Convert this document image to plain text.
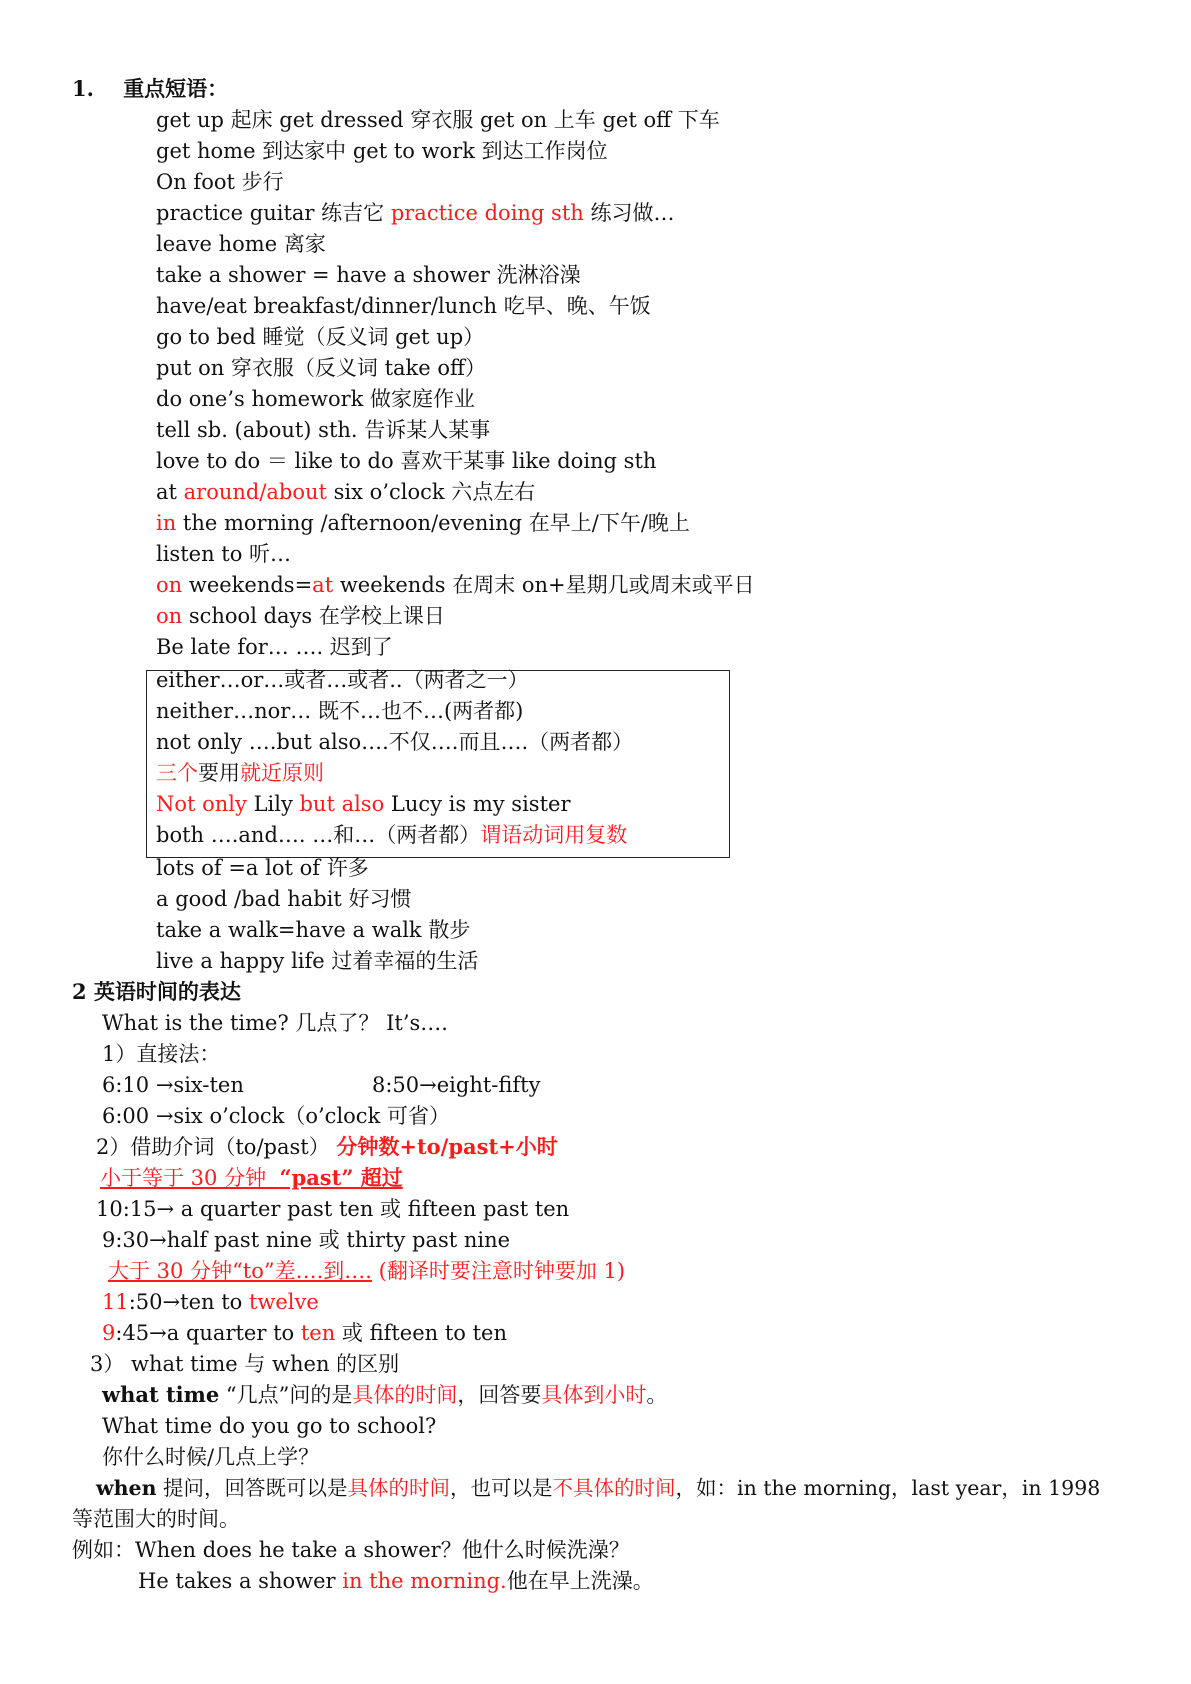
1. 重点短语：
get up 起床 get dressed 穿衣服 get on 上车 get off 下车
get home 到达家中 get to work 到达工作岗位
On foot 步行
practice guitar 练吉它 practice doing sth 练习做…
leave home 离家
take a shower = have a shower 洗淋浴澡
have/eat breakfast/dinner/lunch 吃早、晚、午饭
go to bed 睡觉（反义词 get up）
put on 穿衣服（反义词 take off）
do one’s homework 做家庭作业
tell sb. (about) sth. 告诉某人某事
love to do ＝ like to do 喜欢干某事 like doing sth
at around/about six o’clock 六点左右
in the morning /afternoon/evening 在早上/下午/晚上
listen to 听…
on weekends=at weekends 在周末 on+星期几或周末或平日
on school days 在学校上课日
Be late for… …. 迟到了
either…or…或者…或者..（两者之一）
neither…nor… 既不…也不…(两者都)
not only ….but also….不仅….而且….（两者都）
三个要用就近原则
Not only Lily but also Lucy is my sister
both ….and…. …和…（两者都）谓语动词用复数
lots of =a lot of 许多
a good /bad habit 好习惯
take a walk=have a walk 散步
live a happy life 过着幸福的生活
2 英语时间的表达
What is the time? 几点了？ It’s….
1）直接法：
6:10 →six-ten	8:50→eight-fifty
6:00 →six o’clock（o’clock 可省）
2）借助介词（to/past） 分钟数+to/past+小时
小于等于 30 分钟 “past” 超过
10:15→ a quarter past ten 或 fifteen past ten
9:30→half past nine 或 thirty past nine
大于 30 分钟“to”差….到…. (翻译时要注意时钟要加 1)
11:50→ten to twelve
9:45→a quarter to ten 或 fifteen to ten
3） what time 与 when 的区别
what time “几点”问的是具体的时间，回答要具体到小时。
What time do you go to school?
你什么时候/几点上学？
when 提问，回答既可以是具体的时间，也可以是不具体的时间，如：in the morning，last year，in 1998
等范围大的时间。
例如：When does he take a shower？他什么时候洗澡？
He takes a shower in the morning.他在早上洗澡。
